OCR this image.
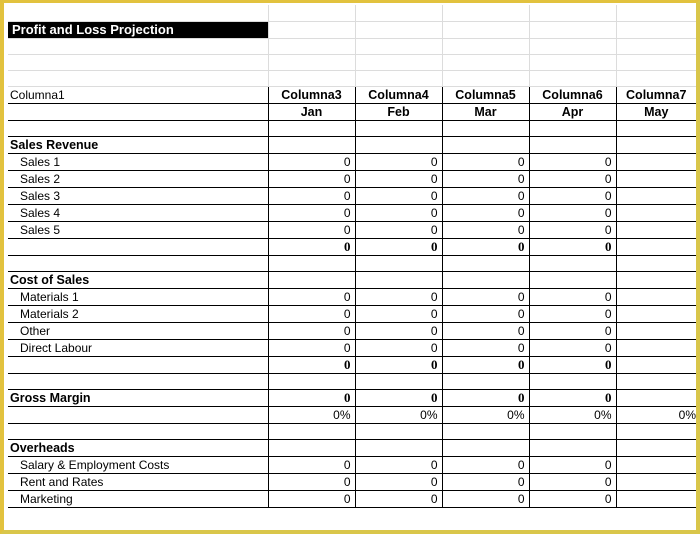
Profit and Loss Projection					

Columna1	Columna3	Columna4	Columna5	Columna6	Columna7
	Jan	Feb	Mar	Apr	May

Sales Revenue					
Sales 1	0	0	0	0	
Sales 2	0	0	0	0	
Sales 3	0	0	0	0	
Sales 4	0	0	0	0	
Sales 5	0	0	0	0	
	0	0	0	0	

Cost of Sales					
Materials 1	0	0	0	0	
Materials 2	0	0	0	0	
Other	0	0	0	0	
Direct Labour	0	0	0	0	
	0	0	0	0	

Gross Margin	0	0	0	0	
	0%	0%	0%	0%	0%

Overheads					
Salary & Employment Costs	0	0	0	0	
Rent and Rates	0	0	0	0	
Marketing	0	0	0	0	
